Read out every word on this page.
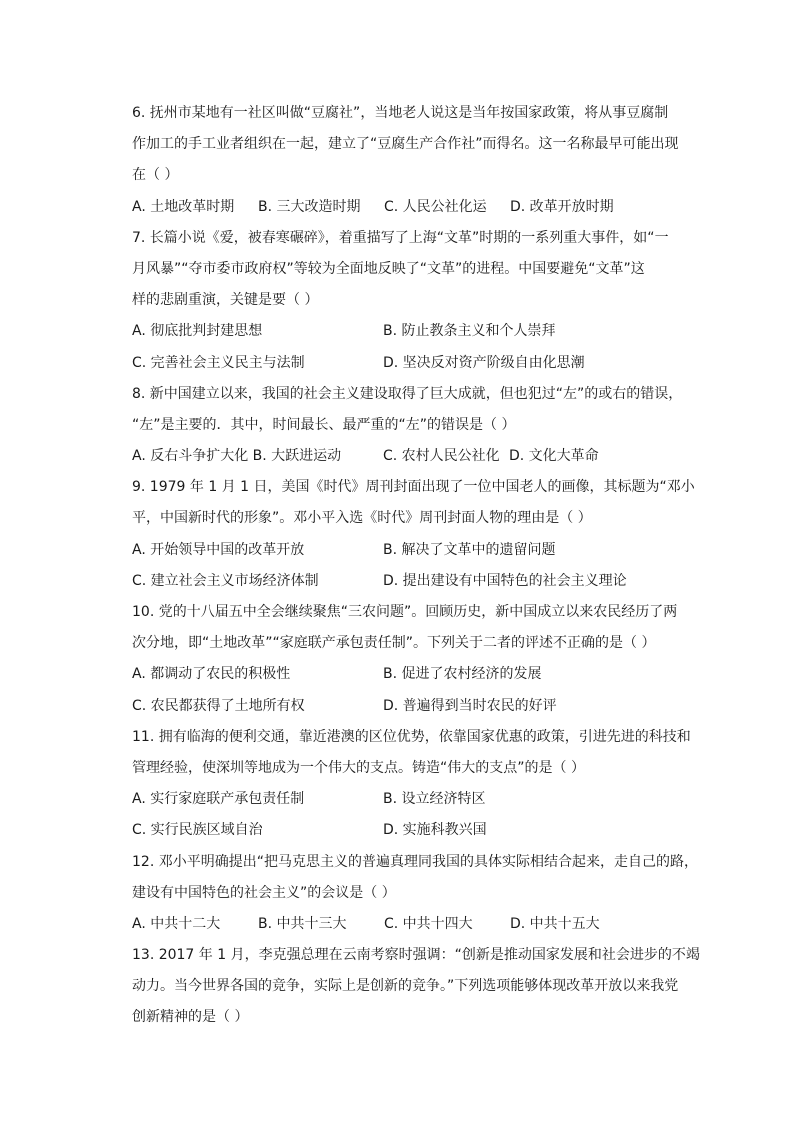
6. 抚州市某地有一社区叫做“豆腐社”，当地老人说这是当年按国家政策，将从事豆腐制
作加工的手工业者组织在一起，建立了“豆腐生产合作社”而得名。这一名称最早可能出现
在（ ）
A. 土地改革时期	B. 三大改造时期	C. 人民公社化运	D. 改革开放时期
7. 长篇小说《爱，被春寒碾碎》，着重描写了上海“文革”时期的一系列重大事件，如“一
月风暴”“夺市委市政府权”等较为全面地反映了“文革”的进程。中国要避免“文革”这
样的悲剧重演，关键是要（ ）
A. 彻底批判封建思想	B. 防止教条主义和个人崇拜
C. 完善社会主义民主与法制	D. 坚决反对资产阶级自由化思潮
8. 新中国建立以来，我国的社会主义建设取得了巨大成就，但也犯过“左”的或右的错误，
“左”是主要的．其中，时间最长、最严重的“左”的错误是（ ）
A. 反右斗争扩大化 B. 大跃进运动	C. 农村人民公社化 D. 文化大革命
9. 1979 年 1 月 1 日，美国《时代》周刊封面出现了一位中国老人的画像，其标题为“邓小
平，中国新时代的形象”。邓小平入选《时代》周刊封面人物的理由是（ ）
A. 开始领导中国的改革开放	B. 解决了文革中的遗留问题
C. 建立社会主义市场经济体制	D. 提出建设有中国特色的社会主义理论
10. 党的十八届五中全会继续聚焦“三农问题”。回顾历史，新中国成立以来农民经历了两
次分地，即“土地改革”“家庭联产承包责任制”。下列关于二者的评述不正确的是（ ）
A. 都调动了农民的积极性	B. 促进了农村经济的发展
C. 农民都获得了土地所有权	D. 普遍得到当时农民的好评
11. 拥有临海的便利交通，靠近港澳的区位优势，依靠国家优惠的政策，引进先进的科技和
管理经验，使深圳等地成为一个伟大的支点。铸造“伟大的支点”的是（ ）
A. 实行家庭联产承包责任制	B. 设立经济特区
C. 实行民族区域自治	D. 实施科教兴国
12. 邓小平明确提出“把马克思主义的普遍真理同我国的具体实际相结合起来，走自己的路，
建设有中国特色的社会主义”的会议是（ ）
A. 中共十二大	B. 中共十三大	C. 中共十四大	D. 中共十五大
13. 2017 年 1 月，李克强总理在云南考察时强调：“创新是推动国家发展和社会进步的不竭
动力。当今世界各国的竞争，实际上是创新的竞争。”下列选项能够体现改革开放以来我党
创新精神的是（ ）
